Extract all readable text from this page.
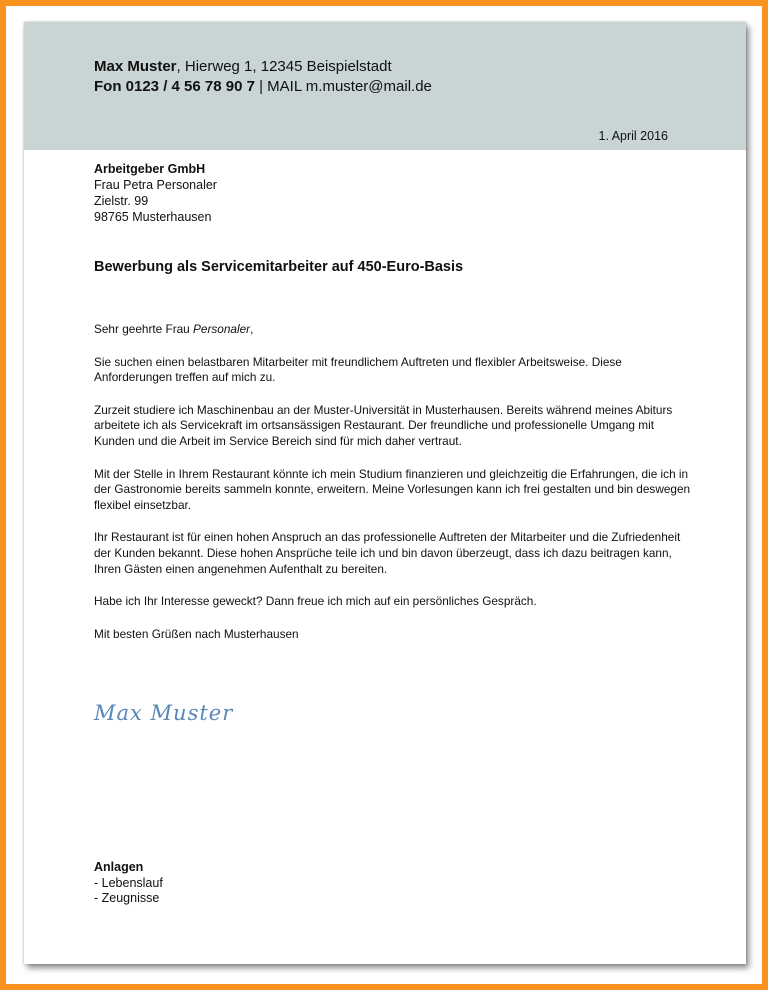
Max Muster, Hierweg 1, 12345 Beispielstadt
Fon 0123 / 4 56 78 90 7 | MAIL m.muster@mail.de
1. April 2016
Arbeitgeber GmbH
Frau Petra Personaler
Zielstr. 99
98765 Musterhausen
Bewerbung als Servicemitarbeiter auf 450-Euro-Basis

Sehr geehrte Frau Personaler,

Sie suchen einen belastbaren Mitarbeiter mit freundlichem Auftreten und flexibler Arbeitsweise. Diese Anforderungen treffen auf mich zu.

Zurzeit studiere ich Maschinenbau an der Muster-Universität in Musterhausen. Bereits während meines Abiturs arbeitete ich als Servicekraft im ortsansässigen Restaurant. Der freundliche und professionelle Umgang mit Kunden und die Arbeit im Service Bereich sind für mich daher vertraut.

Mit der Stelle in Ihrem Restaurant könnte ich mein Studium finanzieren und gleichzeitig die Erfahrungen, die ich in der Gastronomie bereits sammeln konnte, erweitern. Meine Vorlesungen kann ich frei gestalten und bin deswegen flexibel einsetzbar.

Ihr Restaurant ist für einen hohen Anspruch an das professionelle Auftreten der Mitarbeiter und die Zufriedenheit der Kunden bekannt. Diese hohen Ansprüche teile ich und bin davon überzeugt, dass ich dazu beitragen kann, Ihren Gästen einen angenehmen Aufenthalt zu bereiten.

Habe ich Ihr Interesse geweckt? Dann freue ich mich auf ein persönliches Gespräch.

Mit besten Grüßen nach Musterhausen

Max Muster
Anlagen
- Lebenslauf
- Zeugnisse
